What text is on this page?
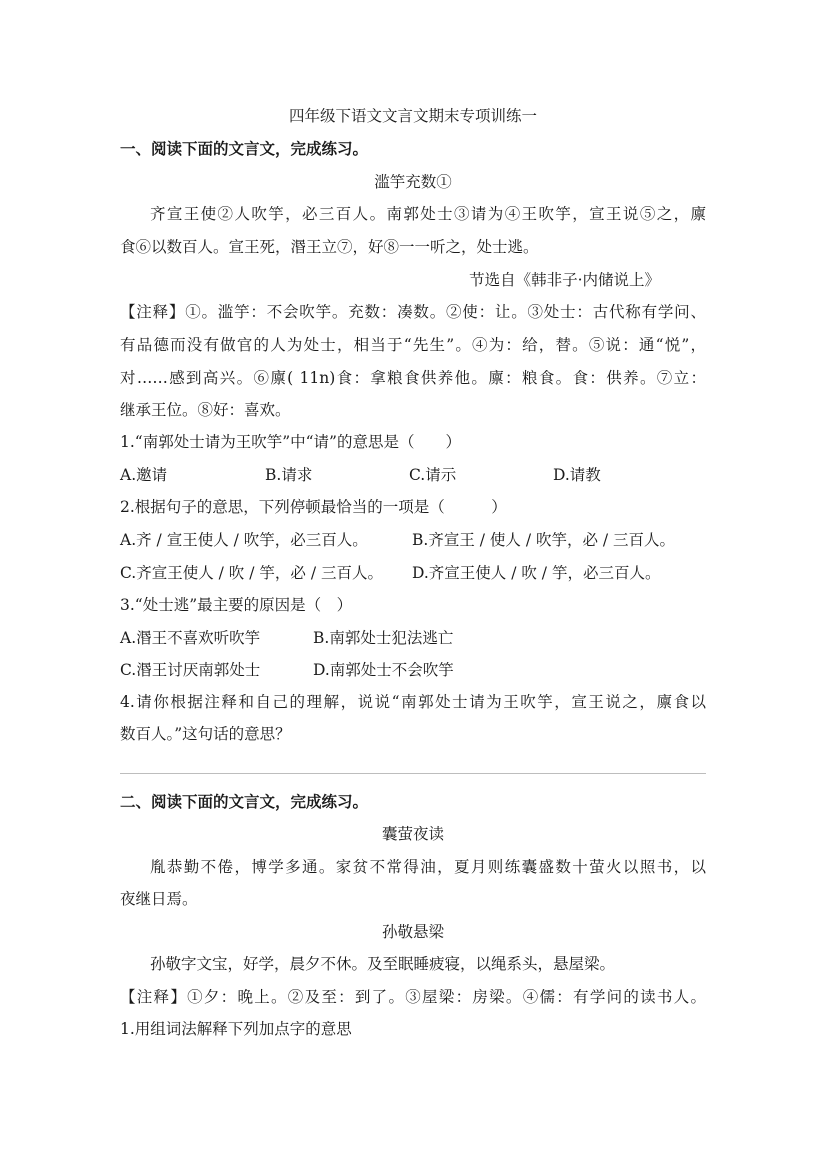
四年级下语文文言文期末专项训练一
一、阅读下面的文言文，完成练习。
滥竽充数①
齐宣王使②人吹竽，必三百人。南郭处士③请为④王吹竽，宣王说⑤之，廪
食⑥以数百人。宣王死，湣王立⑦，好⑧一一听之，处士逃。
节选自《韩非子·内储说上》
【注释】①。滥竽：不会吹竽。充数：凑数。②使：让。③处士：古代称有学问、
有品德而没有做官的人为处士，相当于“先生”。④为：给，替。⑤说：通“悦”，
对……感到高兴。⑥廪( 11n)食：拿粮食供养他。廪：粮食。食：供养。⑦立：
继承王位。⑧好：喜欢。
1.“南郭处士请为王吹竽”中“请”的意思是（　　）
A.邀请	B.请求	C.请示	D.请教
2.根据句子的意思，下列停顿最恰当的一项是（　　　）
A.齐 / 宣王使人 / 吹竽，必三百人。	B.齐宣王 / 使人 / 吹竽，必 / 三百人。
C.齐宣王使人 / 吹 / 竽，必 / 三百人。	D.齐宣王使人 / 吹 / 竽，必三百人。
3.“处士逃”最主要的原因是（　）
A.湣王不喜欢听吹竽	B.南郭处士犯法逃亡
C.湣王讨厌南郭处士	D.南郭处士不会吹竽
4.请你根据注释和自己的理解，说说“南郭处士请为王吹竽，宣王说之，廪食以
数百人。”这句话的意思？
二、阅读下面的文言文，完成练习。
囊萤夜读
胤恭勤不倦，博学多通。家贫不常得油，夏月则练囊盛数十萤火以照书，以
夜继日焉。
孙敬悬梁
孙敬字文宝，好学，晨夕不休。及至眠睡疲寝，以绳系头，悬屋梁。
【注释】①夕：晚上。②及至：到了。③屋梁：房梁。④儒：有学问的读书人。
1.用组词法解释下列加点字的意思
